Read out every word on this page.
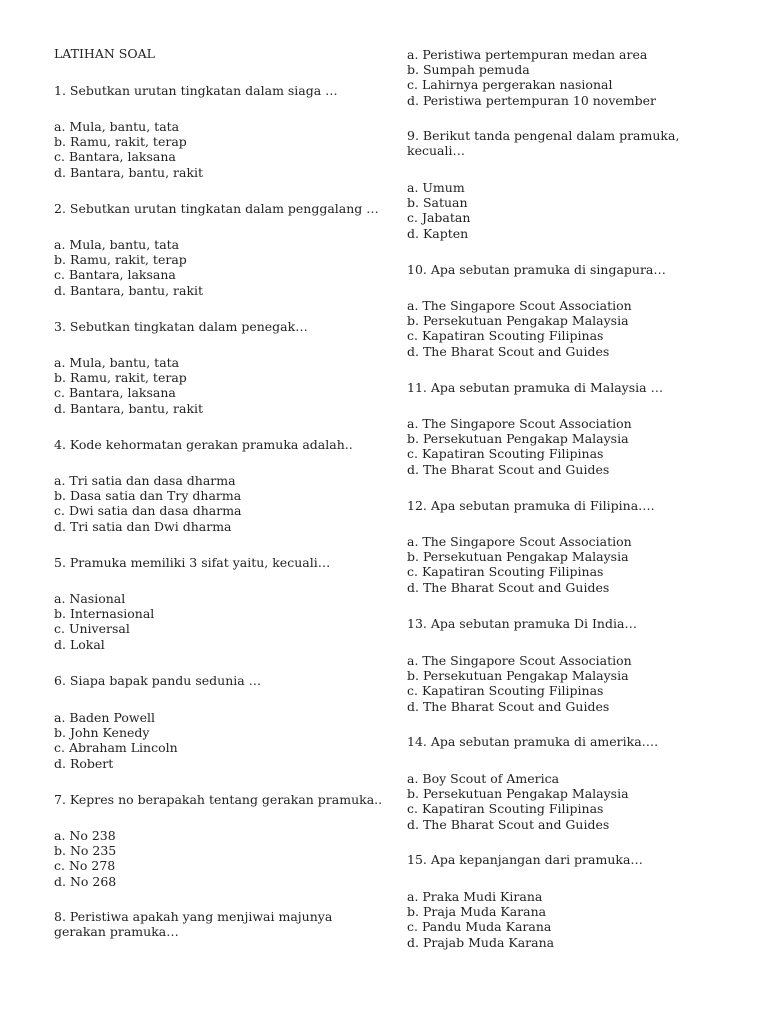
LATIHAN SOAL
1. Sebutkan urutan tingkatan dalam siaga …
a. Mula, bantu, tata
b. Ramu, rakit, terap
c. Bantara, laksana
d. Bantara, bantu, rakit
2. Sebutkan urutan tingkatan dalam penggalang …
a. Mula, bantu, tata
b. Ramu, rakit, terap
c. Bantara, laksana
d. Bantara, bantu, rakit
3. Sebutkan tingkatan dalam penegak…
a. Mula, bantu, tata
b. Ramu, rakit, terap
c. Bantara, laksana
d. Bantara, bantu, rakit
4. Kode kehormatan gerakan pramuka adalah..
a. Tri satia dan dasa dharma
b. Dasa satia dan Try dharma
c. Dwi satia dan dasa dharma
d. Tri satia dan Dwi dharma
5. Pramuka memiliki 3 sifat yaitu, kecuali…
a. Nasional
b. Internasional
c. Universal
d. Lokal
6. Siapa bapak pandu sedunia …
a. Baden Powell
b. John Kenedy
c. Abraham Lincoln
d. Robert
7. Kepres no berapakah tentang gerakan pramuka..
a. No 238
b. No 235
c. No 278
d. No 268
8. Peristiwa apakah yang menjiwai majunya gerakan pramuka…
a. Peristiwa pertempuran medan area
b. Sumpah pemuda
c. Lahirnya pergerakan nasional
d. Peristiwa pertempuran 10 november
9. Berikut tanda pengenal dalam pramuka, kecuali…
a. Umum
b. Satuan
c. Jabatan
d. Kapten
10. Apa sebutan pramuka di singapura…
a. The Singapore Scout Association
b. Persekutuan Pengakap Malaysia
c. Kapatiran Scouting Filipinas
d. The Bharat Scout and Guides
11. Apa sebutan pramuka di Malaysia …
a. The Singapore Scout Association
b. Persekutuan Pengakap Malaysia
c. Kapatiran Scouting Filipinas
d. The Bharat Scout and Guides
12. Apa sebutan pramuka di Filipina….
a. The Singapore Scout Association
b. Persekutuan Pengakap Malaysia
c. Kapatiran Scouting Filipinas
d. The Bharat Scout and Guides
13. Apa sebutan pramuka Di India…
a. The Singapore Scout Association
b. Persekutuan Pengakap Malaysia
c. Kapatiran Scouting Filipinas
d. The Bharat Scout and Guides
14. Apa sebutan pramuka di amerika….
a. Boy Scout of America
b. Persekutuan Pengakap Malaysia
c. Kapatiran Scouting Filipinas
d. The Bharat Scout and Guides
15. Apa kepanjangan dari pramuka…
a. Praka Mudi Kirana
b. Praja Muda Karana
c. Pandu Muda Karana
d. Prajab Muda Karana
